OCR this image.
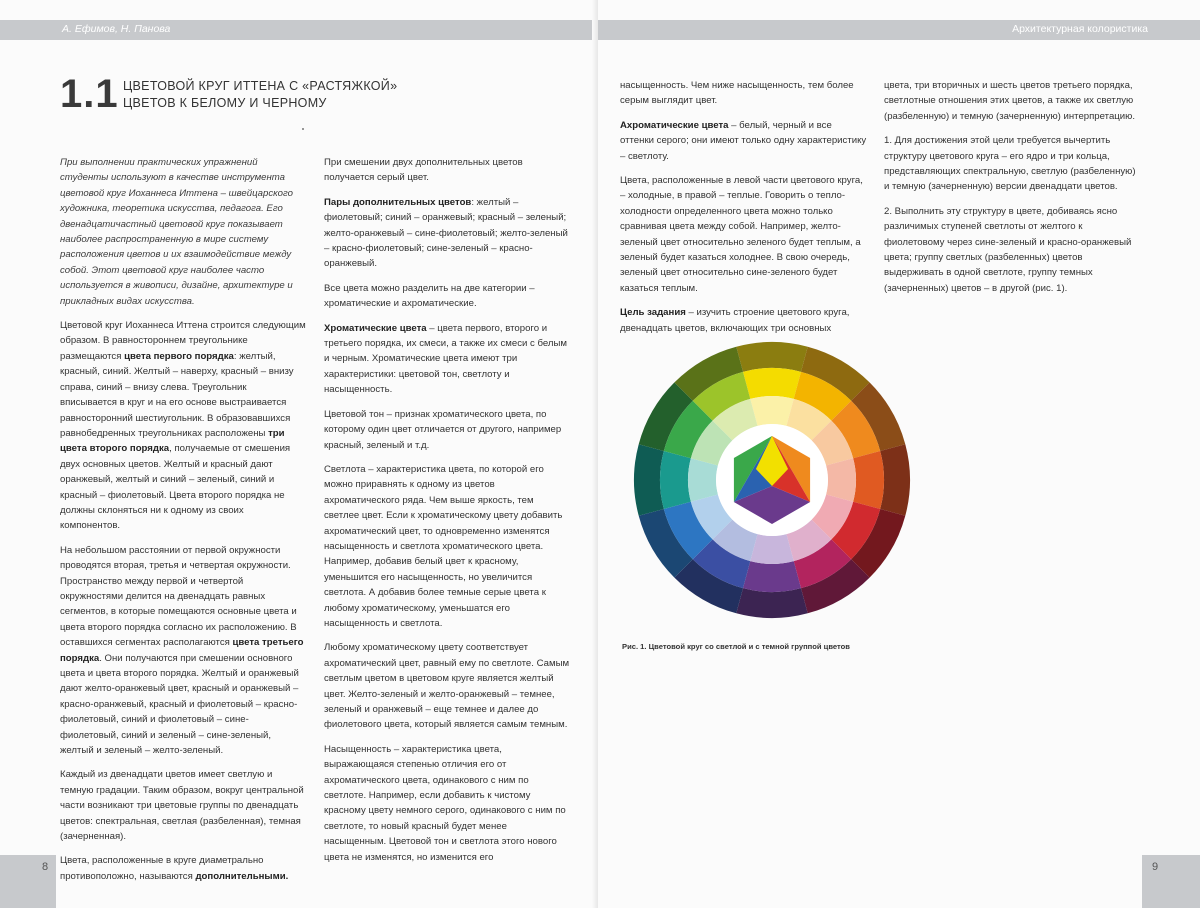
А. Ефимов, Н. Панова
1.1 ЦВЕТОВОЙ КРУГ ИТТЕНА С «РАСТЯЖКОЙ»
ЦВЕТОВ К БЕЛОМУ И ЧЕРНОМУ

При выполнении практических упражнений студенты используют в качестве инструмента цветовой круг Иоханнеса Иттена – швейцарского художника, теоретика искусства, педагога. Его двенадцатичастный цветовой круг показывает наиболее распространенную в мире систему расположения цветов и их взаимодействие между собой. Этот цветовой круг наиболее часто используется в живописи, дизайне, архитектуре и прикладных видах искусства.

Цветовой круг Иоханнеса Иттена строится следующим образом. В равностороннем треугольнике размещаются цвета первого порядка: желтый, красный, синий. Желтый – наверху, красный – внизу справа, синий – внизу слева. Треугольник вписывается в круг и на его основе выстраивается равносторонний шестиугольник. В образовавшихся равнобедренных треугольниках расположены три цвета второго порядка, получаемые от смешения двух основных цветов. Желтый и красный дают оранжевый, желтый и синий – зеленый, синий и красный – фиолетовый. Цвета второго порядка не должны склоняться ни к одному из своих компонентов.

На небольшом расстоянии от первой окружности проводятся вторая, третья и четвертая окружности. Пространство между первой и четвертой окружностями делится на двенадцать равных сегментов, в которые помещаются основные цвета и цвета второго порядка согласно их расположению. В оставшихся сегментах располагаются цвета третьего порядка. Они получаются при смешении основного цвета и цвета второго порядка. Желтый и оранжевый дают желто-оранжевый цвет, красный и оранжевый – красно-оранжевый, красный и фиолетовый – красно-фиолетовый, синий и фиолетовый – сине-фиолетовый, синий и зеленый – сине-зеленый, желтый и зеленый – желто-зеленый.

Каждый из двенадцати цветов имеет светлую и темную градации. Таким образом, вокруг центральной части возникают три цветовые группы по двенадцать цветов: спектральная, светлая (разбеленная), темная (зачерненная).

Цвета, расположенные в круге диаметрально противоположно, называются дополнительными.

При смешении двух дополнительных цветов получается серый цвет.

Пары дополнительных цветов: желтый – фиолетовый; синий – оранжевый; красный – зеленый; желто-оранжевый – сине-фиолетовый; желто-зеленый – красно-фиолетовый; сине-зеленый – красно-оранжевый.

Все цвета можно разделить на две категории – хроматические и ахроматические.

Хроматические цвета – цвета первого, второго и третьего порядка, их смеси, а также их смеси с белым и черным. Хроматические цвета имеют три характеристики: цветовой тон, светлоту и насыщенность.

Цветовой тон – признак хроматического цвета, по которому один цвет отличается от другого, например красный, зеленый и т.д.

Светлота – характеристика цвета, по которой его можно приравнять к одному из цветов ахроматического ряда. Чем выше яркость, тем светлее цвет. Если к хроматическому цвету добавить ахроматический цвет, то одновременно изменятся насыщенность и светлота хроматического цвета. Например, добавив белый цвет к красному, уменьшится его насыщенность, но увеличится светлота. А добавив более темные серые цвета к любому хроматическому, уменьшатся его насыщенность и светлота.

Любому хроматическому цвету соответствует ахроматический цвет, равный ему по светлоте. Самым светлым цветом в цветовом круге является желтый цвет. Желто-зеленый и желто-оранжевый – темнее, зеленый и оранжевый – еще темнее и далее до фиолетового цвета, который является самым темным.

Насыщенность – характеристика цвета, выражающаяся степенью отличия его от ахроматического цвета, одинакового с ним по светлоте. Например, если добавить к чистому красному цвету немного серого, одинакового с ним по светлоте, то новый красный будет менее насыщенным. Цветовой тон и светлота этого нового цвета не изменятся, но изменится его

8
Архитектурная колористика

насыщенность. Чем ниже насыщенность, тем более серым выглядит цвет.

Ахроматические цвета – белый, черный и все оттенки серого; они имеют только одну характеристику – светлоту.

Цвета, расположенные в левой части цветового круга, – холодные, в правой – теплые. Говорить о тепло-холодности определенного цвета можно только сравнивая цвета между собой. Например, желто-зеленый цвет относительно зеленого будет теплым, а зеленый будет казаться холоднее. В свою очередь, зеленый цвет относительно сине-зеленого будет казаться теплым.

Цель задания – изучить строение цветового круга, двенадцать цветов, включающих три основных

цвета, три вторичных и шесть цветов третьего порядка, светлотные отношения этих цветов, а также их светлую (разбеленную) и темную (зачерненную) интерпретацию.

1. Для достижения этой цели требуется вычертить структуру цветового круга – его ядро и три кольца, представляющих спектральную, светлую (разбеленную) и темную (зачерненную) версии двенадцати цветов.

2. Выполнить эту структуру в цвете, добиваясь ясно различимых ступеней светлоты от желтого к фиолетовому через сине-зеленый и красно-оранжевый цвета; группу светлых (разбеленных) цветов выдерживать в одной светлоте, группу темных (зачерненных) цветов – в другой (рис. 1).

Рис. 1. Цветовой круг со светлой и с темной группой цветов
9
